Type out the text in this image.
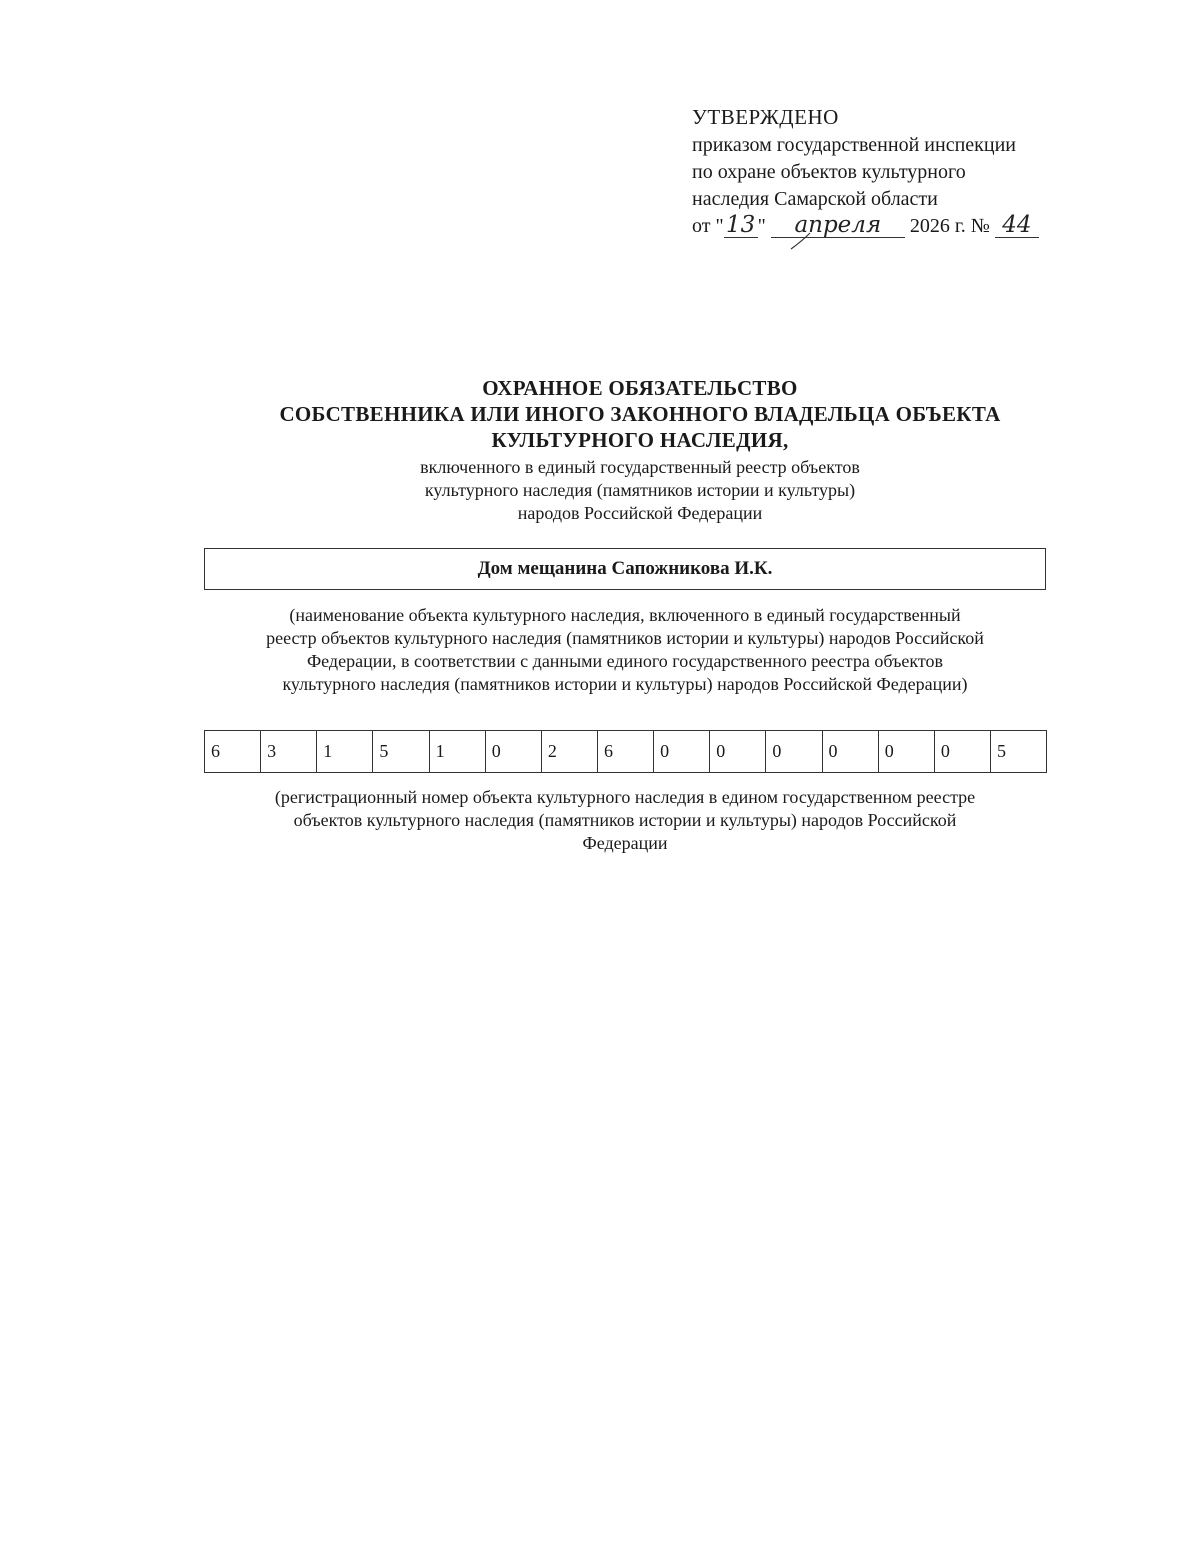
УТВЕРЖДЕНО
приказом государственной инспекции
по охране объектов культурного
наследия Самарской области
от " 13 " апреля 2026 г. № 44
ОХРАННОЕ ОБЯЗАТЕЛЬСТВО
СОБСТВЕННИКА ИЛИ ИНОГО ЗАКОННОГО ВЛАДЕЛЬЦА ОБЪЕКТА
КУЛЬТУРНОГО НАСЛЕДИЯ,
включенного в единый государственный реестр объектов
культурного наследия (памятников истории и культуры)
народов Российской Федерации
Дом мещанина Сапожникова И.К.
(наименование объекта культурного наследия, включенного в единый государственный
реестр объектов культурного наследия (памятников истории и культуры) народов Российской
Федерации, в соответствии с данными единого государственного реестра объектов
культурного наследия (памятников истории и культуры) народов Российской Федерации)
6	3	1	5	1	0	2	6	0	0	0	0	0	0	5
(регистрационный номер объекта культурного наследия в едином государственном реестре
объектов культурного наследия (памятников истории и культуры) народов Российской
Федерации
